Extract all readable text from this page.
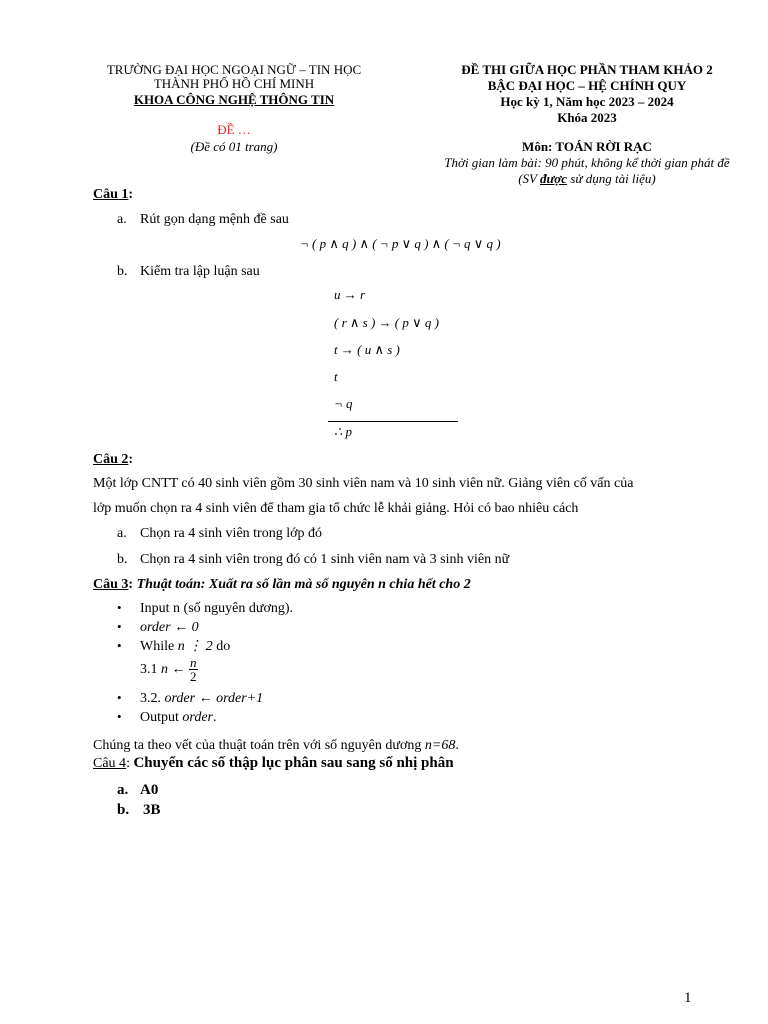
TRƯỜNG ĐẠI HỌC NGOẠI NGỮ – TIN HỌC
THÀNH PHỐ HỒ CHÍ MINH
KHOA CÔNG NGHỆ THÔNG TIN
ĐỀ …
(Đề có 01 trang)
ĐỀ THI GIỮA HỌC PHẦN THAM KHẢO 2
BẬC ĐẠI HỌC – HỆ CHÍNH QUY
Học kỳ 1, Năm học 2023 – 2024
Khóa 2023
Môn: TOÁN RỜI RẠC
Thời gian làm bài: 90 phút, không kể thời gian phát đề
(SV được sử dụng tài liệu)
Câu 1:
a. Rút gọn dạng mệnh đề sau
¬ ( p ∧ q ) ∧ ( ¬ p ∨ q ) ∧ ( ¬ q ∨ q )
b. Kiểm tra lập luận sau
u → r
( r ∧ s ) → ( p ∨ q )
t → ( u ∧ s )
t
¬ q
∴ p
Câu 2:
Một lớp CNTT có 40 sinh viên gồm 30 sinh viên nam và 10 sinh viên nữ. Giảng viên cố vấn của
lớp muốn chọn ra 4 sinh viên để tham gia tổ chức lễ khải giảng. Hỏi có bao nhiêu cách
a. Chọn ra 4 sinh viên trong lớp đó
b. Chọn ra 4 sinh viên trong đó có 1 sinh viên nam và 3 sinh viên nữ
Câu 3: Thuật toán: Xuất ra số lần mà số nguyên n chia hết cho 2
• Input n (số nguyên dương).
• order ← 0
• While n ⋮ 2 do
3.1 n ← $\frac{n}{2}$
• 3.2. order ← order+1
• Output order.
Chúng ta theo vết của thuật toán trên với số nguyên dương n=68.
Câu 4: Chuyển các số thập lục phân sau sang số nhị phân
a. A0
b. 3B
1
